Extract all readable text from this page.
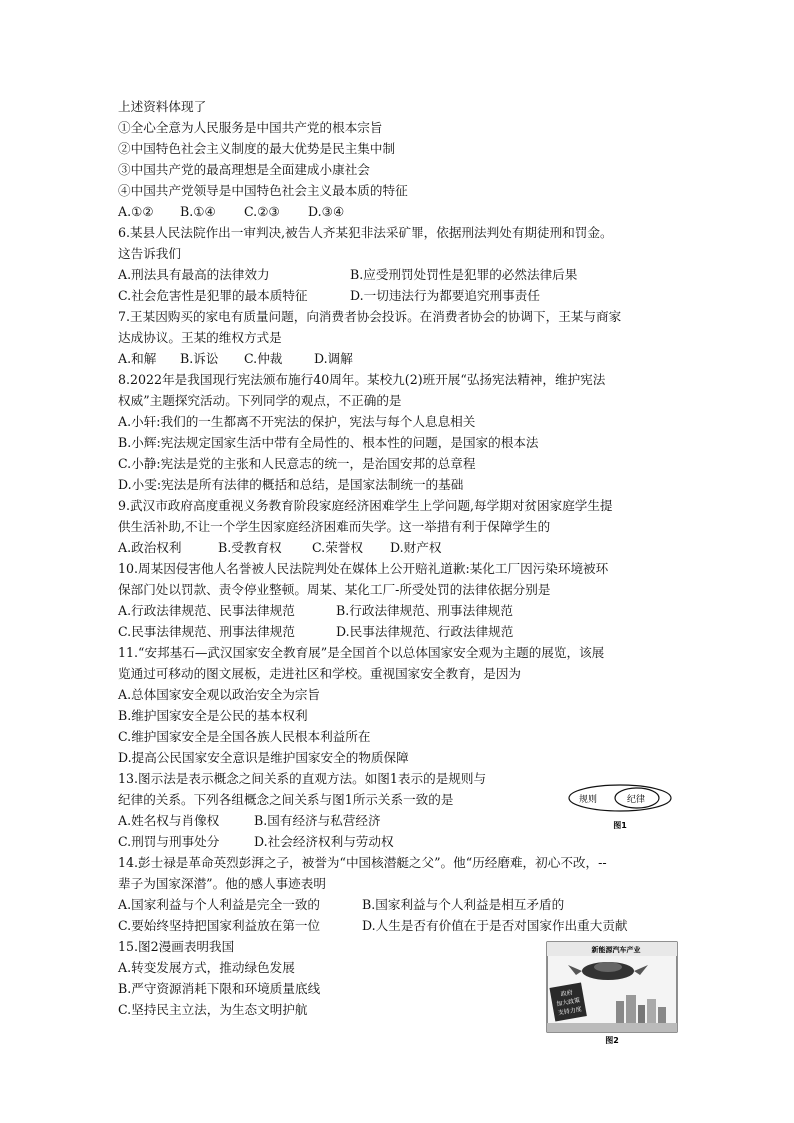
上述资料体现了
①全心全意为人民服务是中国共产党的根本宗旨
②中国特色社会主义制度的最大优势是民主集中制
③中国共产党的最高理想是全面建成小康社会
④中国共产党领导是中国特色社会主义最本质的特征
A.①② B.①④ C.②③ D.③④
6.某县人民法院作出一审判决,被告人齐某犯非法采矿罪，依据刑法判处有期徒刑和罚金。
这告诉我们
A.刑法具有最高的法律效力	B.应受刑罚处罚性是犯罪的必然法律后果
C.社会危害性是犯罪的最本质特征	D.一切违法行为都要追究刑事责任
7.王某因购买的家电有质量问题，向消费者协会投诉。在消费者协会的协调下，王某与商家
达成协议。王某的维权方式是
A.和解 B.诉讼 C.仲裁	D.调解
8.2022年是我国现行宪法颁布施行40周年。某校九(2)班开展“弘扬宪法精神，维护宪法
权威”主题探究活动。下列同学的观点，不正确的是
A.小轩:我们的一生都离不开宪法的保护，宪法与每个人息息相关
B.小辉:宪法规定国家生活中带有全局性的、根本性的问题，是国家的根本法
C.小静:宪法是党的主张和人民意志的统一，是治国安邦的总章程
D.小雯:宪法是所有法律的概括和总结，是国家法制统一的基础
9.武汉市政府高度重视义务教育阶段家庭经济困难学生上学问题,每学期对贫困家庭学生提
供生活补助,不让一个学生因家庭经济困难而失学。这一举措有利于保障学生的
A.政治权利	B.受教育权 C.荣誉权 D.财产权
10.周某因侵害他人名誉被人民法院判处在媒体上公开赔礼道歉:某化工厂因污染环境被环
保部门处以罚款、责令停业整顿。周某、某化工厂-所受处罚的法律依据分别是
A.行政法律规范、民事法律规范	B.行政法律规范、刑事法律规范
C.民事法律规范、刑事法律规范	D.民事法律规范、行政法律规范
11.“安邦基石—武汉国家安全教育展”是全国首个以总体国家安全观为主题的展览，该展
览通过可移动的图文展板，走进社区和学校。重视国家安全教育，是因为
A.总体国家安全观以政治安全为宗旨
B.维护国家安全是公民的基本权利
C.维护国家安全是全国各族人民根本利益所在
D.提高公民国家安全意识是维护国家安全的物质保障
13.图示法是表示概念之间关系的直观方法。如图1表示的是规则与
纪律的关系。下列各组概念之间关系与图1所示关系一致的是
A.姓名权与肖像权	B.国有经济与私营经济
C.刑罚与刑事处分	D.社会经济权利与劳动权
规则	纪律
图1
14.彭士禄是革命英烈彭湃之子，被誉为“中国核潜艇之父”。他“历经磨难，初心不改，--
辈子为国家深潜”。他的感人事迹表明
A.国家利益与个人利益是完全一致的	B.国家利益与个人利益是相互矛盾的
C.要始终坚持把国家利益放在第一位	D.人生是否有价值在于是否对国家作出重大贡献
15.图2漫画表明我国
A.转变发展方式，推动绿色发展
B.严守资源消耗下限和环境质量底线
C.坚持民主立法，为生态文明护航
新能源汽车产业
政府
加大政策
支持力度
图2
